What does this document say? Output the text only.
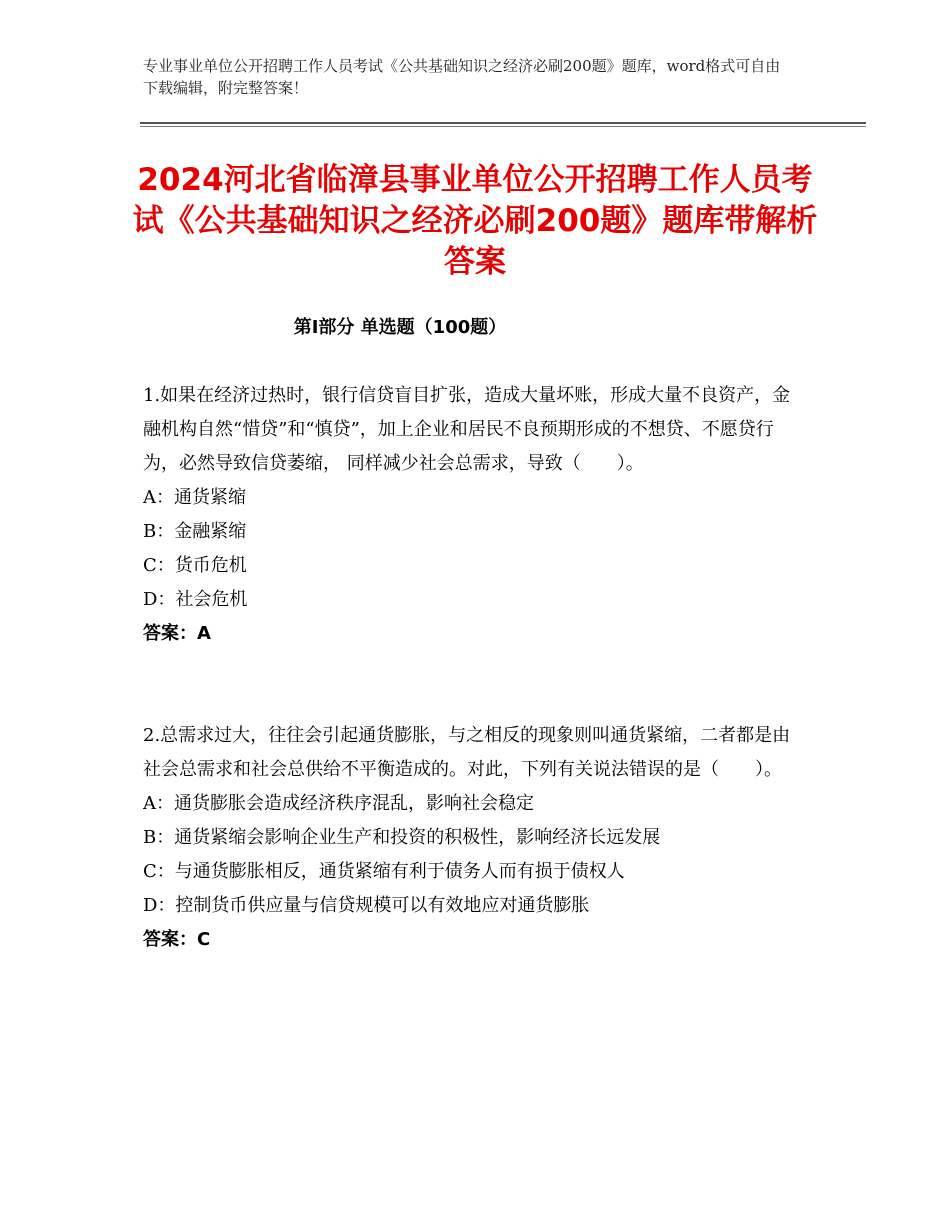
专业事业单位公开招聘工作人员考试《公共基础知识之经济必刷200题》题库，word格式可自由下载编辑，附完整答案！
2024河北省临漳县事业单位公开招聘工作人员考试《公共基础知识之经济必刷200题》题库带解析答案
第Ⅰ部分 单选题（100题）
1.如果在经济过热时，银行信贷盲目扩张，造成大量坏账，形成大量不良资产，金融机构自然“惜贷”和“慎贷”，加上企业和居民不良预期形成的不想贷、不愿贷行为，必然导致信贷萎缩， 同样减少社会总需求，导致（　　）。
A：通货紧缩
B：金融紧缩
C：货币危机
D：社会危机
答案：A
2.总需求过大，往往会引起通货膨胀，与之相反的现象则叫通货紧缩，二者都是由社会总需求和社会总供给不平衡造成的。对此，下列有关说法错误的是（　　）。
A：通货膨胀会造成经济秩序混乱，影响社会稳定
B：通货紧缩会影响企业生产和投资的积极性，影响经济长远发展
C：与通货膨胀相反，通货紧缩有利于债务人而有损于债权人
D：控制货币供应量与信贷规模可以有效地应对通货膨胀
答案：C
